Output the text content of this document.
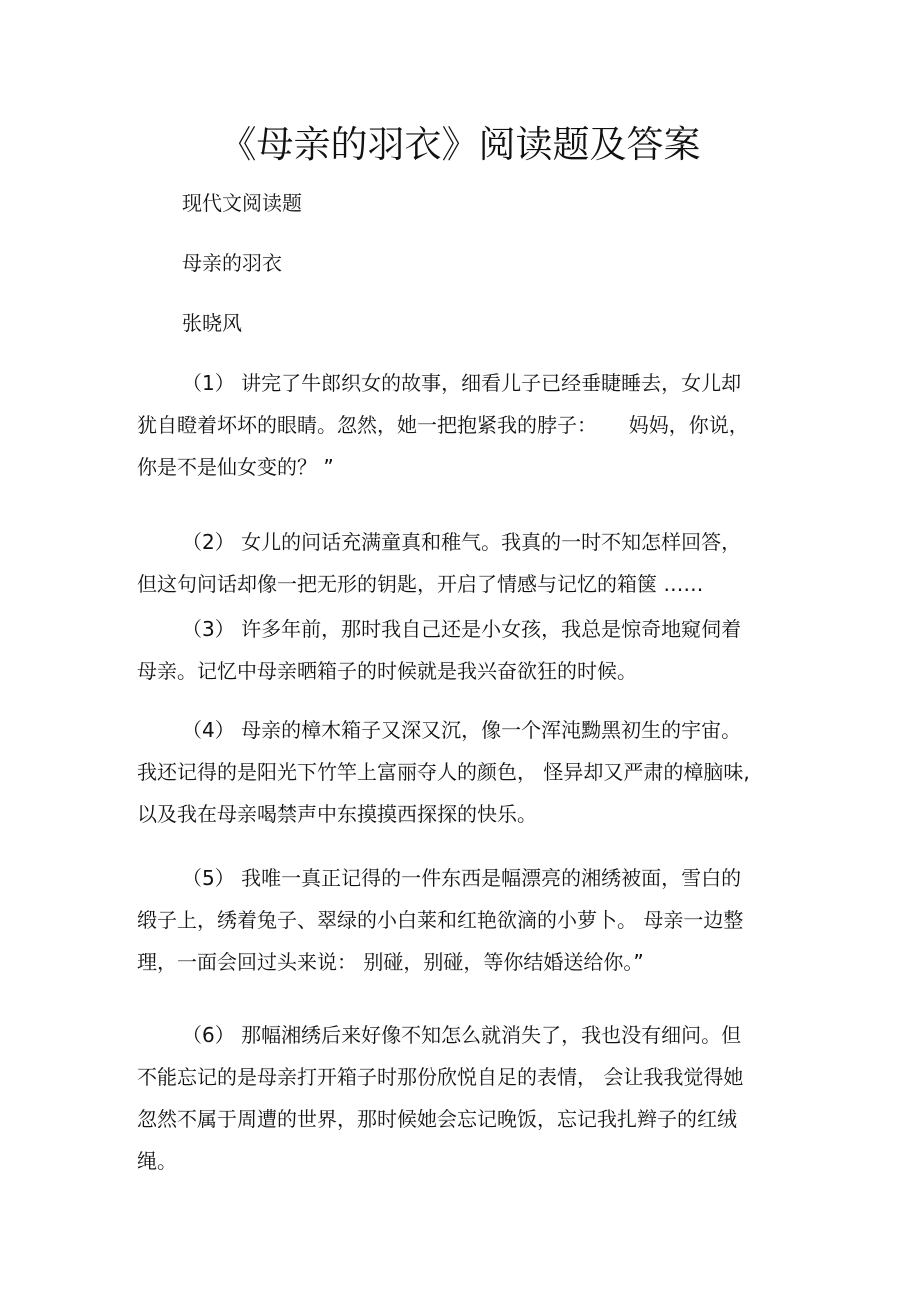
《母亲的羽衣》阅读题及答案
现代文阅读题
母亲的羽衣
张晓风
（1） 讲完了牛郎织女的故事，细看儿子已经垂睫睡去，女儿却
犹自瞪着坏坏的眼睛。忽然，她一把抱紧我的脖子：     妈妈，你说，
你是不是仙女变的？ ”
（2） 女儿的问话充满童真和稚气。我真的一时不知怎样回答，
但这句问话却像一把无形的钥匙，开启了情感与记忆的箱箧 ……
（3） 许多年前，那时我自己还是小女孩，我总是惊奇地窥伺着
母亲。记忆中母亲晒箱子的时候就是我兴奋欲狂的时候。
（4） 母亲的樟木箱子又深又沉，像一个浑沌黝黑初生的宇宙。
我还记得的是阳光下竹竿上富丽夺人的颜色， 怪异却又严肃的樟脑味,
以及我在母亲喝禁声中东摸摸西探探的快乐。
（5） 我唯一真正记得的一件东西是幅漂亮的湘绣被面，雪白的
缎子上，绣着兔子、翠绿的小白莱和红艳欲滴的小萝卜。 母亲一边整
理，一面会回过头来说： 别碰，别碰，等你结婚送给你。”
（6） 那幅湘绣后来好像不知怎么就消失了，我也没有细问。但
不能忘记的是母亲打开箱子时那份欣悦自足的表情， 会让我我觉得她
忽然不属于周遭的世界，那时候她会忘记晚饭，忘记我扎辫子的红绒
绳。
